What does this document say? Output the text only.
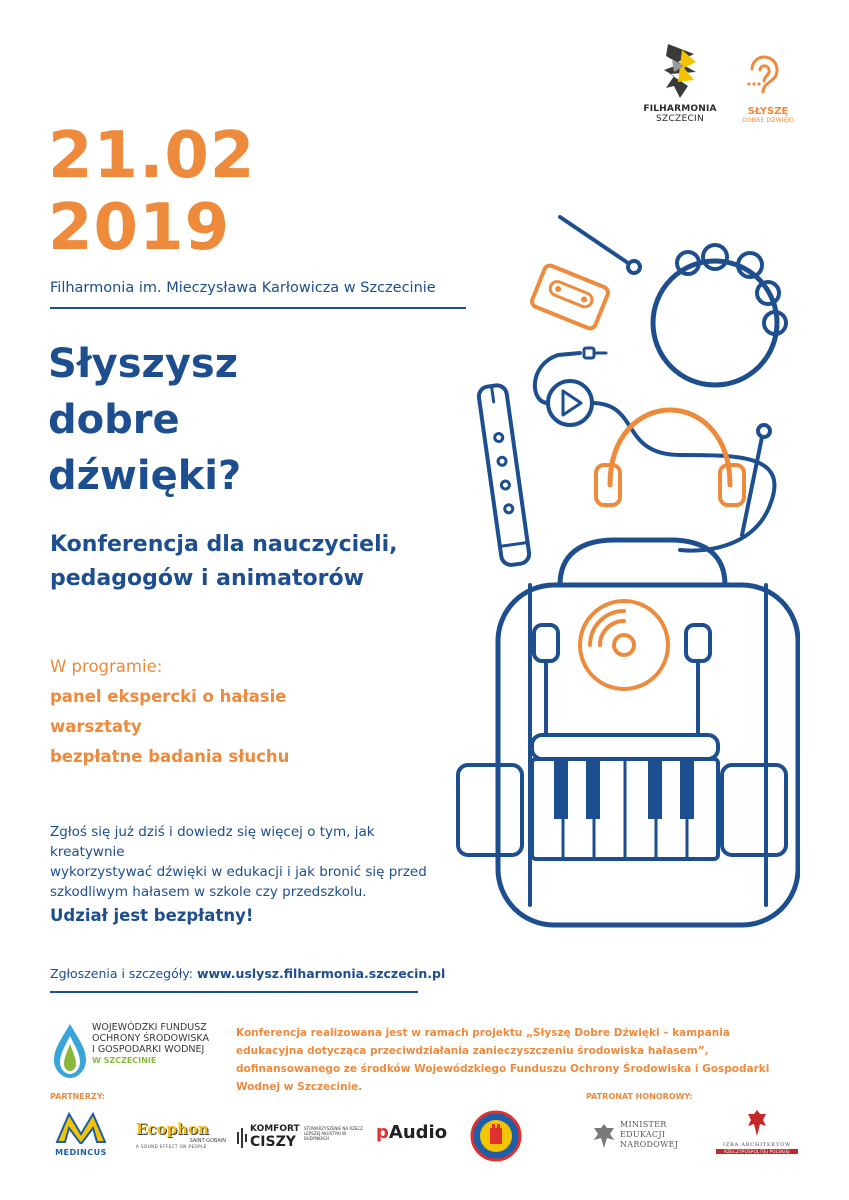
FILHARMONIA
SZCZECIN
SŁYSZĘ
DOBRE DŹWIĘKI
21.02
2019
Filharmonia im. Mieczysława Karłowicza w Szczecinie
Słyszysz
dobre
dźwięki?
Konferencja dla nauczycieli,
pedagogów i animatorów
W programie:
panel ekspercki o hałasie
warsztaty
bezpłatne badania słuchu
Zgłoś się już dziś i dowiedz się więcej o tym, jak kreatywnie
wykorzystywać dźwięki w edukacji i jak bronić się przed
szkodliwym hałasem w szkole czy przedszkolu.
Udział jest bezpłatny!
Zgłoszenia i szczegóły: www.uslysz.filharmonia.szczecin.pl
WOJEWÓDZKI FUNDUSZ
OCHRONY ŚRODOWISKA
I GOSPODARKI WODNEJ
W SZCZECINIE
Konferencja realizowana jest w ramach projektu „Słyszę Dobre Dźwięki – kampania edukacyjna dotycząca przeciwdziałania zanieczyszczeniu środowiska hałasem”, dofinansowanego ze środków Wojewódzkiego Funduszu Ochrony Środowiska i Gospodarki Wodnej w Szczecinie.
PARTNERZY:	PATRONAT HONOROWY:
MEDINCUS
Ecophon
SAINT-GOBAIN
A SOUND EFFECT ON PEOPLE
KOMFORT
CISZY
STOWARZYSZENIE NA RZECZ LEPSZEJ AKUSTYKI W BUDYNKACH	pAudio	MINISTER
EDUKACJI
NARODOWEJ	IZBA ARCHITEKTÓW
RZECZYPOSPOLITEJ POLSKIEJ
